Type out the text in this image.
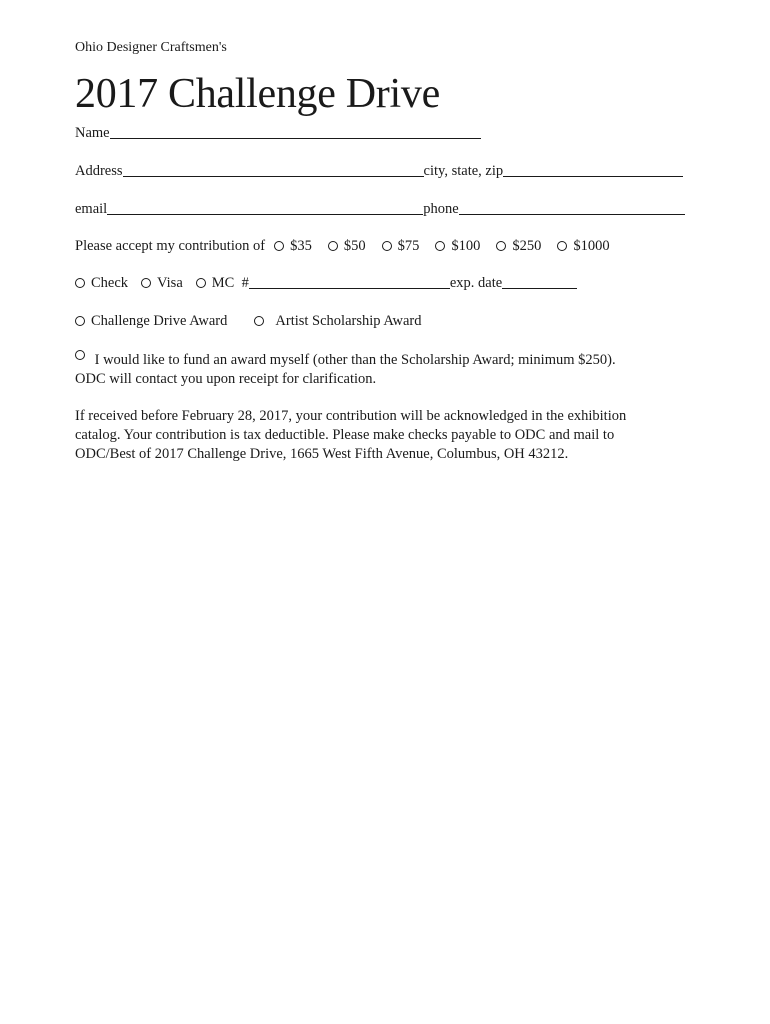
Ohio Designer Craftsmen's
2017 Challenge Drive
Name
Address	city, state, zip
email	phone
Please accept my contribution of $35 $50 $75 $100 $250 $1000
Check Visa MC  #	exp. date
Challenge Drive Award	Artist Scholarship Award
I would like to fund an award myself (other than the Scholarship Award; minimum $250).
ODC will contact you upon receipt for clarification.
If received before February 28, 2017, your contribution will be acknowledged in the exhibition
catalog. Your contribution is tax deductible. Please make checks payable to ODC and mail to
ODC/Best of 2017 Challenge Drive, 1665 West Fifth Avenue, Columbus, OH 43212.
